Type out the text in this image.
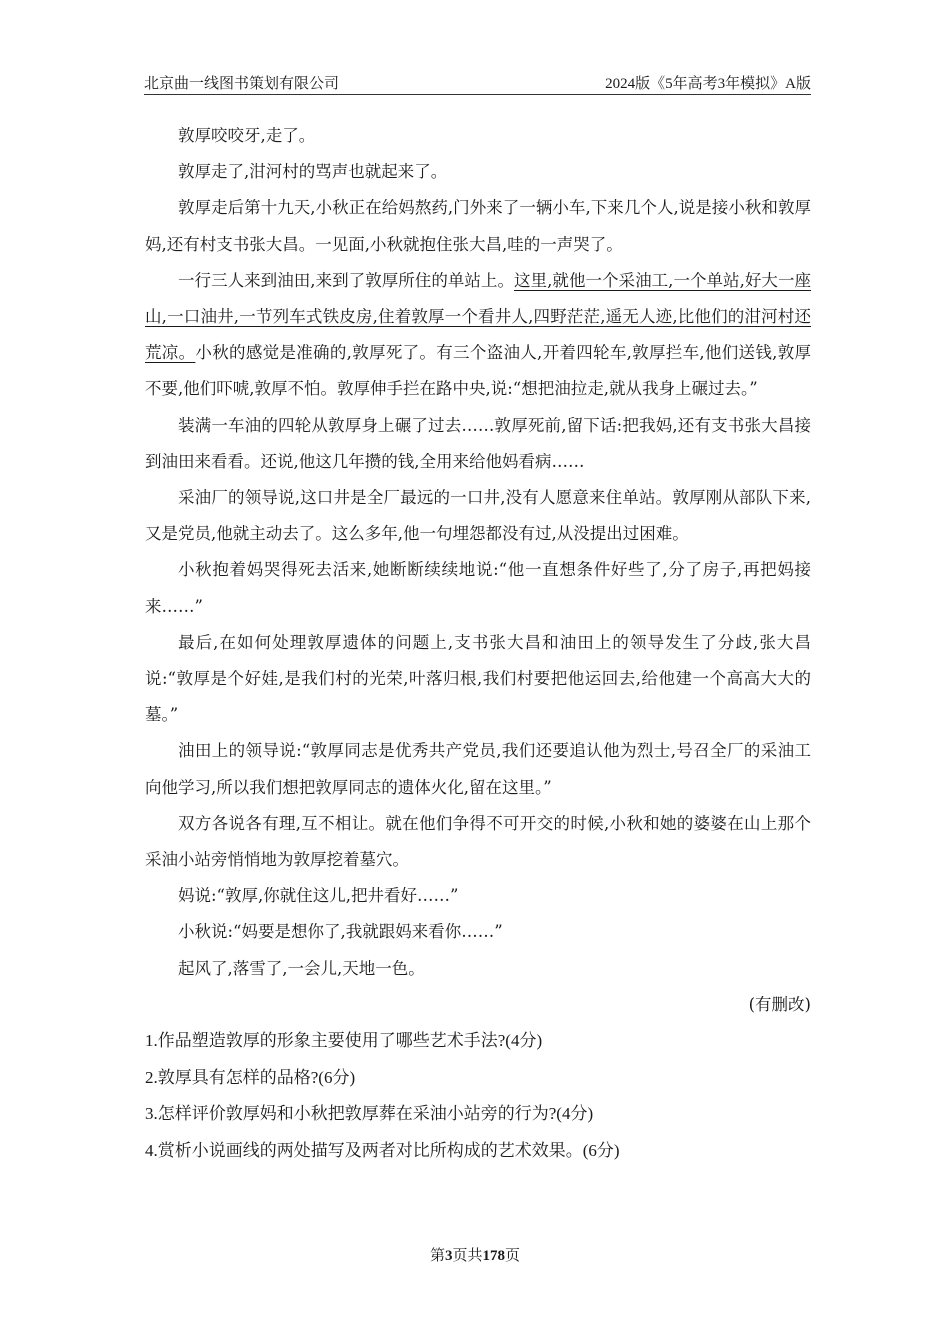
北京曲一线图书策划有限公司	2024版《5年高考3年模拟》A版

敦厚咬咬牙,走了。

敦厚走了,泔河村的骂声也就起来了。

敦厚走后第十九天,小秋正在给妈熬药,门外来了一辆小车,下来几个人,说是接小秋和敦厚妈,还有村支书张大昌。一见面,小秋就抱住张大昌,哇的一声哭了。

一行三人来到油田,来到了敦厚所住的单站上。这里,就他一个采油工,一个单站,好大一座山,一口油井,一节列车式铁皮房,住着敦厚一个看井人,四野茫茫,遥无人迹,比他们的泔河村还荒凉。小秋的感觉是准确的,敦厚死了。有三个盗油人,开着四轮车,敦厚拦车,他们送钱,敦厚不要,他们吓唬,敦厚不怕。敦厚伸手拦在路中央,说:“想把油拉走,就从我身上碾过去。”

装满一车油的四轮从敦厚身上碾了过去……敦厚死前,留下话:把我妈,还有支书张大昌接到油田来看看。还说,他这几年攒的钱,全用来给他妈看病……

采油厂的领导说,这口井是全厂最远的一口井,没有人愿意来住单站。敦厚刚从部队下来,又是党员,他就主动去了。这么多年,他一句埋怨都没有过,从没提出过困难。

小秋抱着妈哭得死去活来,她断断续续地说:“他一直想条件好些了,分了房子,再把妈接来……”

最后,在如何处理敦厚遗体的问题上,支书张大昌和油田上的领导发生了分歧,张大昌说:“敦厚是个好娃,是我们村的光荣,叶落归根,我们村要把他运回去,给他建一个高高大大的墓。”

油田上的领导说:“敦厚同志是优秀共产党员,我们还要追认他为烈士,号召全厂的采油工向他学习,所以我们想把敦厚同志的遗体火化,留在这里。”

双方各说各有理,互不相让。就在他们争得不可开交的时候,小秋和她的婆婆在山上那个采油小站旁悄悄地为敦厚挖着墓穴。

妈说:“敦厚,你就住这儿,把井看好……”

小秋说:“妈要是想你了,我就跟妈来看你……”

起风了,落雪了,一会儿,天地一色。

(有删改)

1.作品塑造敦厚的形象主要使用了哪些艺术手法?(4分)

2.敦厚具有怎样的品格?(6分)

3.怎样评价敦厚妈和小秋把敦厚葬在采油小站旁的行为?(4分)

4.赏析小说画线的两处描写及两者对比所构成的艺术效果。(6分)

第3页共178页
